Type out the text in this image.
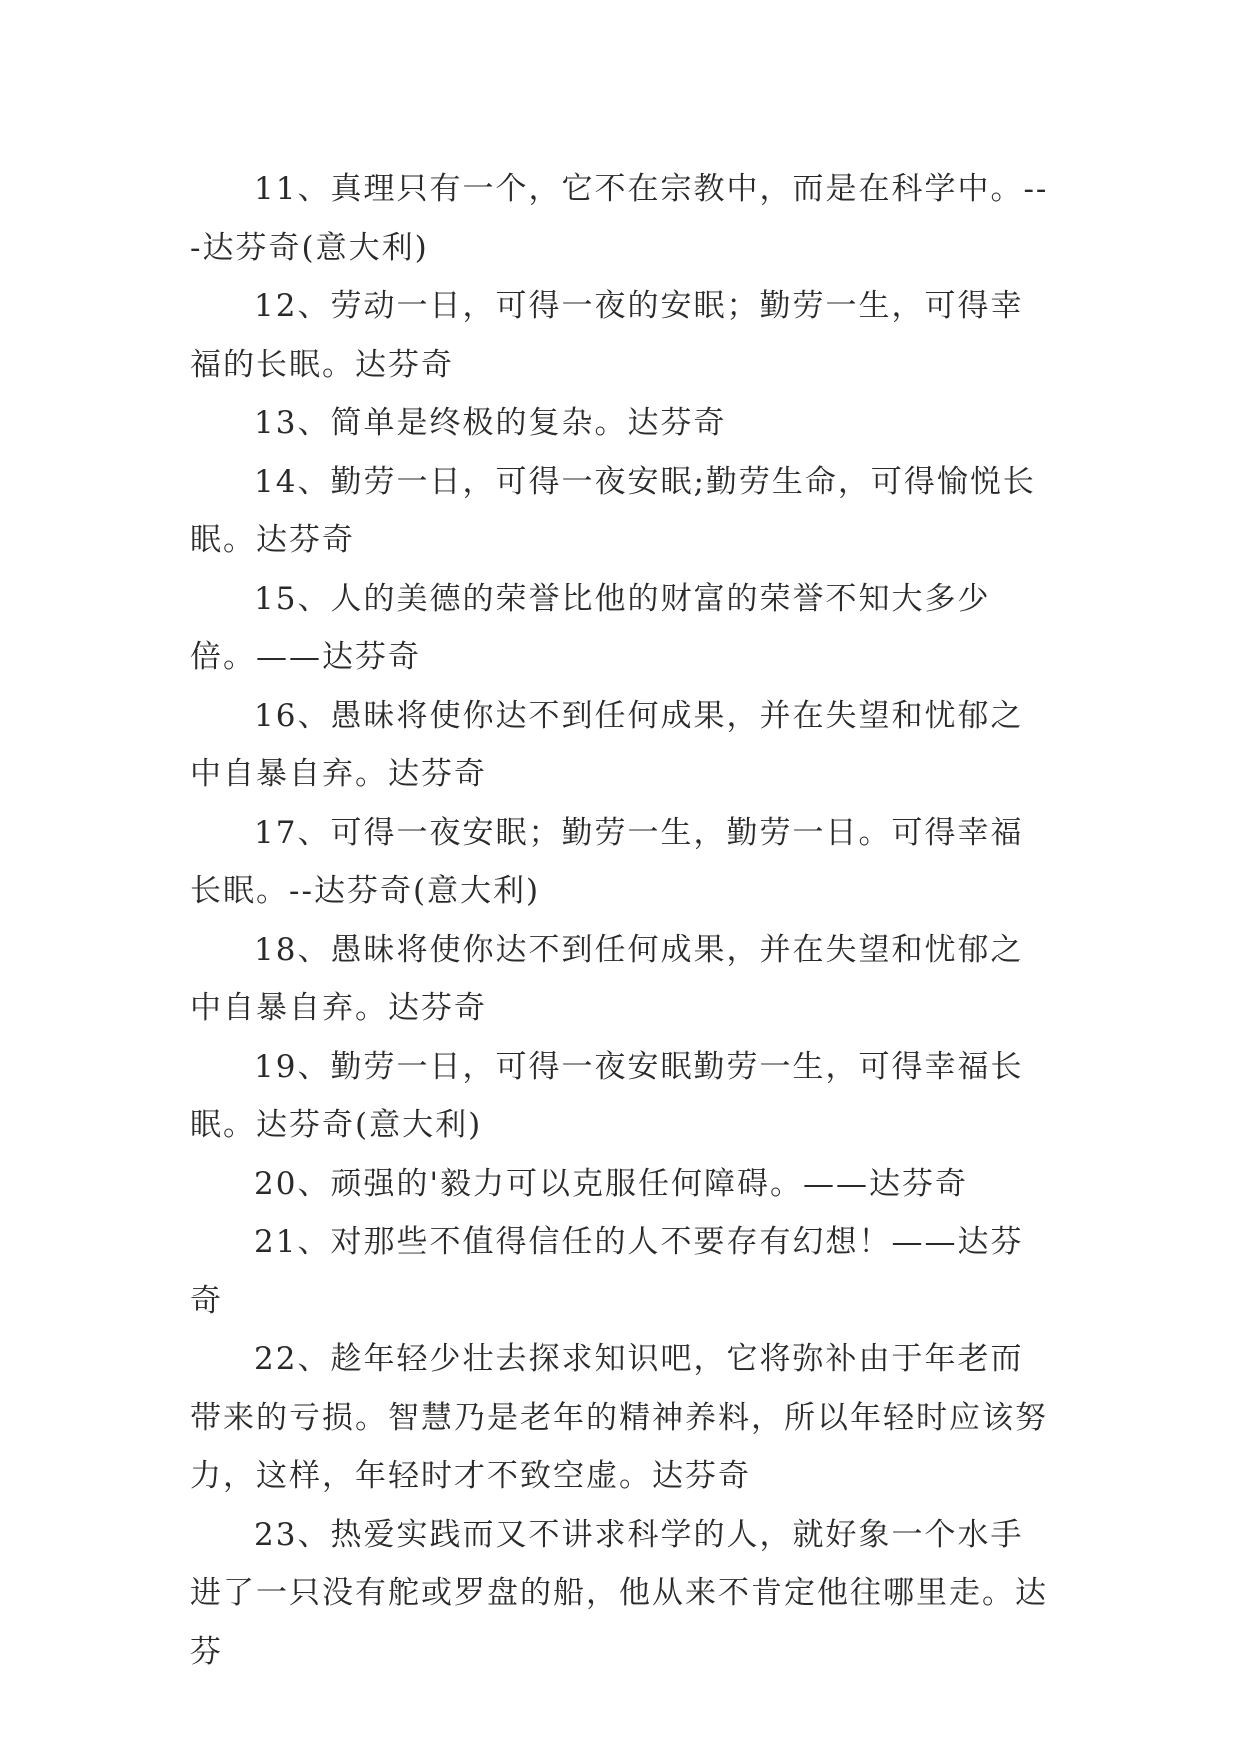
11、真理只有一个，它不在宗教中，而是在科学中。---达芬奇(意大利)

12、劳动一日，可得一夜的安眠；勤劳一生，可得幸福的长眠。达芬奇

13、简单是终极的复杂。达芬奇

14、勤劳一日，可得一夜安眠;勤劳生命，可得愉悦长眠。达芬奇

15、人的美德的荣誉比他的财富的荣誉不知大多少倍。——达芬奇

16、愚昧将使你达不到任何成果，并在失望和忧郁之中自暴自弃。达芬奇

17、可得一夜安眠；勤劳一生，勤劳一日。可得幸福长眠。--达芬奇(意大利)

18、愚昧将使你达不到任何成果，并在失望和忧郁之中自暴自弃。达芬奇

19、勤劳一日，可得一夜安眠勤劳一生，可得幸福长眠。达芬奇(意大利)

20、顽强的'毅力可以克服任何障碍。——达芬奇

21、对那些不值得信任的人不要存有幻想！——达芬奇

22、趁年轻少壮去探求知识吧，它将弥补由于年老而带来的亏损。智慧乃是老年的精神养料，所以年轻时应该努力，这样，年轻时才不致空虚。达芬奇

23、热爱实践而又不讲求科学的人，就好象一个水手进了一只没有舵或罗盘的船，他从来不肯定他往哪里走。达芬
